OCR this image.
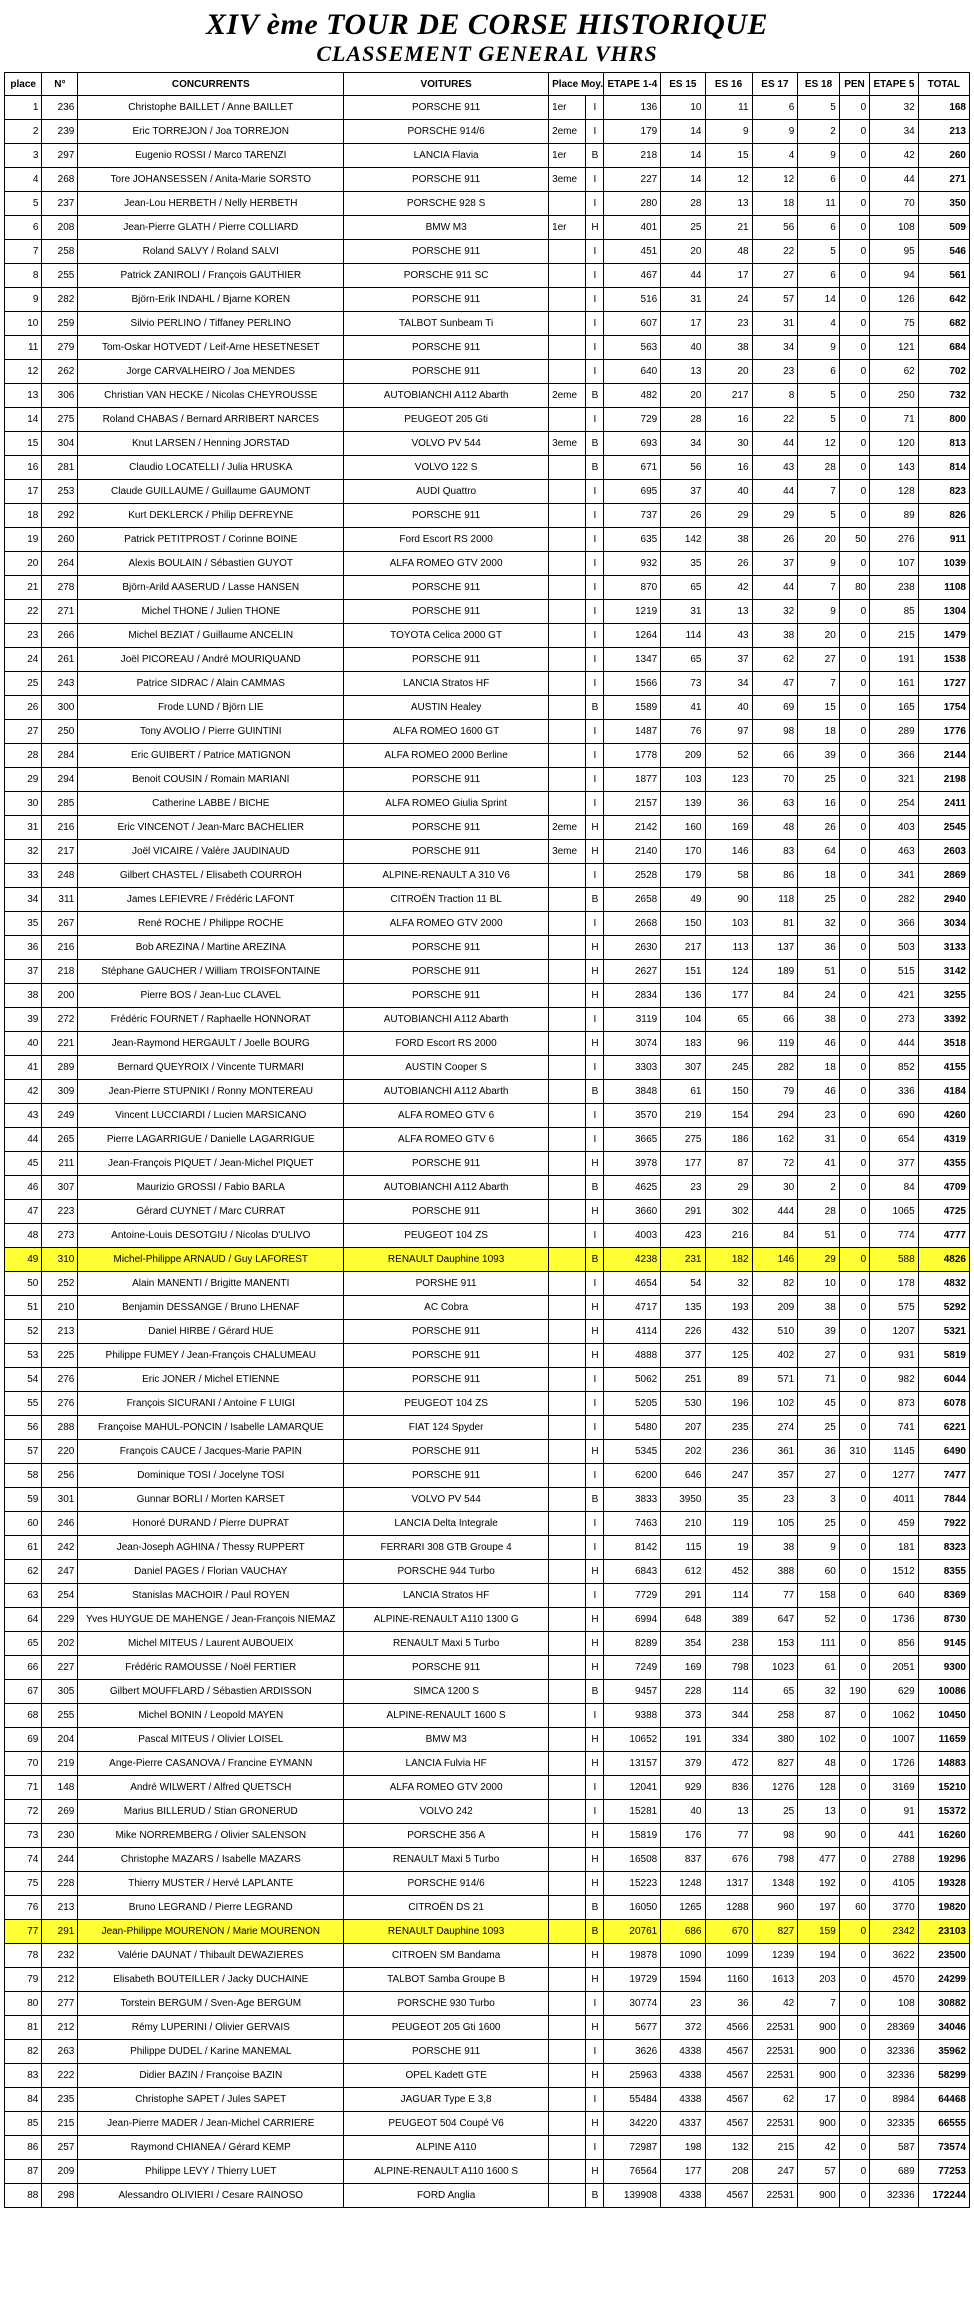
XIV ème TOUR DE CORSE HISTORIQUE
CLASSEMENT GENERAL VHRS
place	N°	CONCURRENTS	VOITURES	Place Moy.		ETAPE 1-4	ES 15	ES 16	ES 17	ES 18	PEN	ETAPE 5	TOTAL
1	236	Christophe BAILLET / Anne BAILLET	PORSCHE 911	1er	I	136	10	11	6	5	0	32	168
2	239	Eric TORREJON / Joa TORREJON	PORSCHE 914/6	2eme	I	179	14	9	9	2	0	34	213
3	297	Eugenio ROSSI / Marco TARENZI	LANCIA Flavia	1er	B	218	14	15	4	9	0	42	260
4	268	Tore JOHANSESSEN / Anita-Marie SORSTO	PORSCHE 911	3eme	I	227	14	12	12	6	0	44	271
5	237	Jean-Lou HERBETH / Nelly HERBETH	PORSCHE 928 S		I	280	28	13	18	11	0	70	350
6	208	Jean-Pierre GLATH / Pierre COLLIARD	BMW M3	1er	H	401	25	21	56	6	0	108	509
7	258	Roland SALVY / Roland SALVI	PORSCHE 911		I	451	20	48	22	5	0	95	546
8	255	Patrick ZANIROLI / François GAUTHIER	PORSCHE 911 SC		I	467	44	17	27	6	0	94	561
9	282	Björn-Erik INDAHL / Bjarne KOREN	PORSCHE 911		I	516	31	24	57	14	0	126	642
10	259	Silvio PERLINO / Tiffaney PERLINO	TALBOT Sunbeam Ti		I	607	17	23	31	4	0	75	682
11	279	Tom-Oskar HOTVEDT / Leif-Arne HESETNESET	PORSCHE 911		I	563	40	38	34	9	0	121	684
12	262	Jorge CARVALHEIRO / Joa MENDES	PORSCHE 911		I	640	13	20	23	6	0	62	702
13	306	Christian VAN HECKE / Nicolas CHEYROUSSE	AUTOBIANCHI A112 Abarth	2eme	B	482	20	217	8	5	0	250	732
14	275	Roland CHABAS / Bernard ARRIBERT NARCES	PEUGEOT 205 Gti		I	729	28	16	22	5	0	71	800
15	304	Knut LARSEN / Henning JORSTAD	VOLVO PV 544	3eme	B	693	34	30	44	12	0	120	813
16	281	Claudio LOCATELLI / Julia HRUSKA	VOLVO 122 S		B	671	56	16	43	28	0	143	814
17	253	Claude GUILLAUME / Guillaume GAUMONT	AUDI Quattro		I	695	37	40	44	7	0	128	823
18	292	Kurt DEKLERCK / Philip DEFREYNE	PORSCHE 911		I	737	26	29	29	5	0	89	826
19	260	Patrick PETITPROST / Corinne BOINE	Ford Escort RS 2000		I	635	142	38	26	20	50	276	911
20	264	Alexis BOULAIN / Sébastien GUYOT	ALFA ROMEO GTV 2000		I	932	35	26	37	9	0	107	1039
21	278	Björn-Arild AASERUD / Lasse HANSEN	PORSCHE 911		I	870	65	42	44	7	80	238	1108
22	271	Michel THONE / Julien THONE	PORSCHE 911		I	1219	31	13	32	9	0	85	1304
23	266	Michel BEZIAT / Guillaume ANCELIN	TOYOTA Celica 2000 GT		I	1264	114	43	38	20	0	215	1479
24	261	Joël PICOREAU / André MOURIQUAND	PORSCHE 911		I	1347	65	37	62	27	0	191	1538
25	243	Patrice SIDRAC / Alain CAMMAS	LANCIA Stratos HF		I	1566	73	34	47	7	0	161	1727
26	300	Frode LUND / Björn LIE	AUSTIN Healey		B	1589	41	40	69	15	0	165	1754
27	250	Tony AVOLIO / Pierre GUINTINI	ALFA ROMEO 1600 GT		I	1487	76	97	98	18	0	289	1776
28	284	Eric GUIBERT / Patrice MATIGNON	ALFA ROMEO 2000 Berline		I	1778	209	52	66	39	0	366	2144
29	294	Benoit COUSIN / Romain MARIANI	PORSCHE 911		I	1877	103	123	70	25	0	321	2198
30	285	Catherine LABBE / BICHE	ALFA ROMEO Giulia Sprint		I	2157	139	36	63	16	0	254	2411
31	216	Eric VINCENOT / Jean-Marc BACHELIER	PORSCHE 911	2eme	H	2142	160	169	48	26	0	403	2545
32	217	Joël VICAIRE / Valère JAUDINAUD	PORSCHE 911	3eme	H	2140	170	146	83	64	0	463	2603
33	248	Gilbert CHASTEL / Elisabeth COURROH	ALPINE-RENAULT A 310 V6		I	2528	179	58	86	18	0	341	2869
34	311	James LEFIEVRE / Frédéric LAFONT	CITROËN Traction 11 BL		B	2658	49	90	118	25	0	282	2940
35	267	René ROCHE / Philippe ROCHE	ALFA ROMEO GTV 2000		I	2668	150	103	81	32	0	366	3034
36	216	Bob AREZINA / Martine AREZINA	PORSCHE 911		H	2630	217	113	137	36	0	503	3133
37	218	Stéphane GAUCHER / William TROISFONTAINE	PORSCHE 911		H	2627	151	124	189	51	0	515	3142
38	200	Pierre BOS / Jean-Luc CLAVEL	PORSCHE 911		H	2834	136	177	84	24	0	421	3255
39	272	Frédéric FOURNET / Raphaelle HONNORAT	AUTOBIANCHI A112 Abarth		I	3119	104	65	66	38	0	273	3392
40	221	Jean-Raymond HERGAULT / Joelle BOURG	FORD Escort RS 2000		H	3074	183	96	119	46	0	444	3518
41	289	Bernard QUEYROIX / Vincente TURMARI	AUSTIN Cooper S		I	3303	307	245	282	18	0	852	4155
42	309	Jean-Pierre STUPNIKI / Ronny MONTEREAU	AUTOBIANCHI A112 Abarth		B	3848	61	150	79	46	0	336	4184
43	249	Vincent LUCCIARDI / Lucien MARSICANO	ALFA ROMEO GTV 6		I	3570	219	154	294	23	0	690	4260
44	265	Pierre LAGARRIGUE / Danielle LAGARRIGUE	ALFA ROMEO GTV 6		I	3665	275	186	162	31	0	654	4319
45	211	Jean-François PIQUET / Jean-Michel PIQUET	PORSCHE 911		H	3978	177	87	72	41	0	377	4355
46	307	Maurizio GROSSI / Fabio BARLA	AUTOBIANCHI A112 Abarth		B	4625	23	29	30	2	0	84	4709
47	223	Gérard CUYNET / Marc CURRAT	PORSCHE 911		H	3660	291	302	444	28	0	1065	4725
48	273	Antoine-Louis DESOTGIU / Nicolas D'ULIVO	PEUGEOT 104 ZS		I	4003	423	216	84	51	0	774	4777
49	310	Michel-Philippe ARNAUD / Guy LAFOREST	RENAULT Dauphine 1093		B	4238	231	182	146	29	0	588	4826
50	252	Alain MANENTI / Brigitte MANENTI	PORSHE 911		I	4654	54	32	82	10	0	178	4832
51	210	Benjamin DESSANGE / Bruno LHENAF	AC Cobra		H	4717	135	193	209	38	0	575	5292
52	213	Daniel HIRBE / Gérard HUE	PORSCHE 911		H	4114	226	432	510	39	0	1207	5321
53	225	Philippe FUMEY / Jean-François CHALUMEAU	PORSCHE 911		H	4888	377	125	402	27	0	931	5819
54	276	Eric JONER / Michel ETIENNE	PORSCHE 911		I	5062	251	89	571	71	0	982	6044
55	276	François SICURANI / Antoine F LUIGI	PEUGEOT 104 ZS		I	5205	530	196	102	45	0	873	6078
56	288	Françoise MAHUL-PONCIN / Isabelle LAMARQUE	FIAT 124 Spyder		I	5480	207	235	274	25	0	741	6221
57	220	François CAUCE / Jacques-Marie PAPIN	PORSCHE 911		H	5345	202	236	361	36	310	1145	6490
58	256	Dominique TOSI / Jocelyne TOSI	PORSCHE 911		I	6200	646	247	357	27	0	1277	7477
59	301	Gunnar BORLI / Morten KARSET	VOLVO PV 544		B	3833	3950	35	23	3	0	4011	7844
60	246	Honoré DURAND / Pierre DUPRAT	LANCIA Delta Integrale		I	7463	210	119	105	25	0	459	7922
61	242	Jean-Joseph AGHINA / Thessy RUPPERT	FERRARI 308 GTB Groupe 4		I	8142	115	19	38	9	0	181	8323
62	247	Daniel PAGES / Florian VAUCHAY	PORSCHE 944 Turbo		H	6843	612	452	388	60	0	1512	8355
63	254	Stanislas MACHOIR / Paul ROYEN	LANCIA Stratos HF		I	7729	291	114	77	158	0	640	8369
64	229	Yves HUYGUE DE MAHENGE / Jean-François NIEMAZ	ALPINE-RENAULT A110 1300 G		H	6994	648	389	647	52	0	1736	8730
65	202	Michel MITEUS / Laurent AUBOUEIX	RENAULT Maxi 5 Turbo		H	8289	354	238	153	111	0	856	9145
66	227	Frédéric RAMOUSSE / Noël FERTIER	PORSCHE 911		H	7249	169	798	1023	61	0	2051	9300
67	305	Gilbert MOUFFLARD / Sébastien ARDISSON	SIMCA 1200 S		B	9457	228	114	65	32	190	629	10086
68	255	Michel BONIN / Leopold MAYEN	ALPINE-RENAULT 1600 S		I	9388	373	344	258	87	0	1062	10450
69	204	Pascal MITEUS / Olivier LOISEL	BMW M3		H	10652	191	334	380	102	0	1007	11659
70	219	Ange-Pierre CASANOVA / Francine EYMANN	LANCIA Fulvia HF		H	13157	379	472	827	48	0	1726	14883
71	148	André WILWERT / Alfred QUETSCH	ALFA ROMEO GTV 2000		I	12041	929	836	1276	128	0	3169	15210
72	269	Marius BILLERUD / Stian GRONERUD	VOLVO 242		I	15281	40	13	25	13	0	91	15372
73	230	Mike NORREMBERG / Olivier SALENSON	PORSCHE 356 A		H	15819	176	77	98	90	0	441	16260
74	244	Christophe MAZARS / Isabelle MAZARS	RENAULT Maxi 5 Turbo		H	16508	837	676	798	477	0	2788	19296
75	228	Thierry MUSTER / Hervé LAPLANTE	PORSCHE 914/6		H	15223	1248	1317	1348	192	0	4105	19328
76	213	Bruno LEGRAND / Pierre LEGRAND	CITROËN DS 21		B	16050	1265	1288	960	197	60	3770	19820
77	291	Jean-Philippe MOURENON / Marie MOURENON	RENAULT Dauphine 1093		B	20761	686	670	827	159	0	2342	23103
78	232	Valérie DAUNAT / Thibault DEWAZIERES	CITROEN SM Bandama		H	19878	1090	1099	1239	194	0	3622	23500
79	212	Elisabeth BOUTEILLER / Jacky DUCHAINE	TALBOT Samba Groupe B		H	19729	1594	1160	1613	203	0	4570	24299
80	277	Torstein BERGUM / Sven-Age BERGUM	PORSCHE 930 Turbo		I	30774	23	36	42	7	0	108	30882
81	212	Rémy LUPERINI / Olivier GERVAIS	PEUGEOT 205 Gti 1600		H	5677	372	4566	22531	900	0	28369	34046
82	263	Philippe DUDEL / Karine MANEMAL	PORSCHE 911		I	3626	4338	4567	22531	900	0	32336	35962
83	222	Didier BAZIN / Françoise BAZIN	OPEL Kadett GTE		H	25963	4338	4567	22531	900	0	32336	58299
84	235	Christophe SAPET / Jules SAPET	JAGUAR Type E 3,8		I	55484	4338	4567	62	17	0	8984	64468
85	215	Jean-Pierre MADER / Jean-Michel CARRIERE	PEUGEOT 504 Coupé V6		H	34220	4337	4567	22531	900	0	32335	66555
86	257	Raymond CHIANEA / Gérard KEMP	ALPINE A110		I	72987	198	132	215	42	0	587	73574
87	209	Philippe LEVY / Thierry LUET	ALPINE-RENAULT A110 1600 S		H	76564	177	208	247	57	0	689	77253
88	298	Alessandro OLIVIERI / Cesare RAINOSO	FORD Anglia		B	139908	4338	4567	22531	900	0	32336	172244
